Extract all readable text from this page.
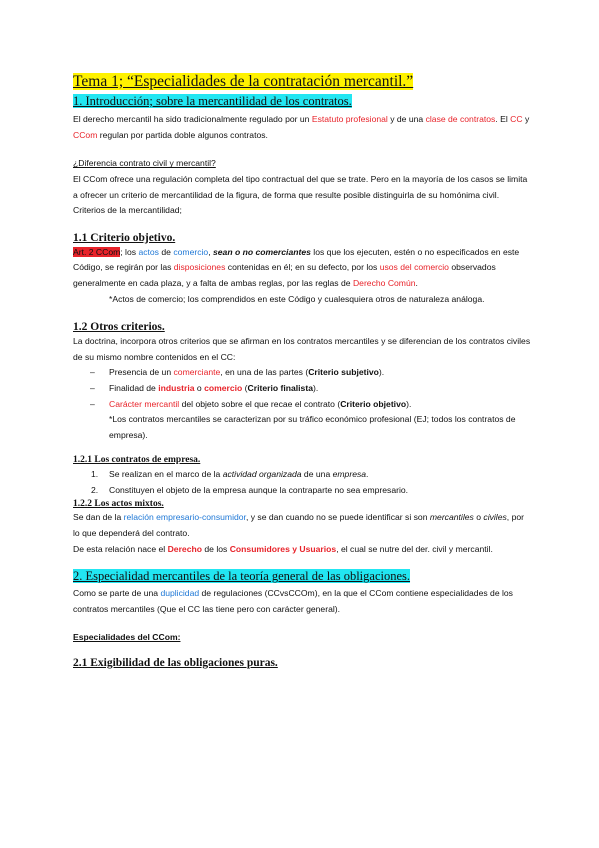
Tema 1; “Especialidades de la contratación mercantil.”
1. Introducción; sobre la mercantilidad de los contratos.

El derecho mercantil ha sido tradicionalmente regulado por un Estatuto profesional y de una clase de contratos. El CC y CCom regulan por partida doble algunos contratos.

¿Diferencia contrato civil y mercantil?

El CCom ofrece una regulación completa del tipo contractual del que se trate. Pero en la mayoría de los casos se limita a ofrecer un criterio de mercantilidad de la figura, de forma que resulte posible distinguirla de su homónima civil.

Criterios de la mercantilidad;

1.1 Criterio objetivo.

Art. 2 CCom; los actos de comercio, sean o no comerciantes los que los ejecuten, estén o no especificados en este Código, se regirán por las disposiciones contenidas en él; en su defecto, por los usos del comercio observados generalmente en cada plaza, y a falta de ambas reglas, por las reglas de Derecho Común.

*Actos de comercio; los comprendidos en este Código y cualesquiera otros de naturaleza análoga.

1.2 Otros criterios.

La doctrina, incorpora otros criterios que se afirman en los contratos mercantiles y se diferencian de los contratos civiles de su mismo nombre contenidos en el CC:

– Presencia de un comerciante, en una de las partes (Criterio subjetivo).
– Finalidad de industria o comercio (Criterio finalista).
– Carácter mercantil del objeto sobre el que recae el contrato (Criterio objetivo).

*Los contratos mercantiles se caracterizan por su tráfico económico profesional (EJ; todos los contratos de empresa).

1.2.1 Los contratos de empresa.
1. Se realizan en el marco de la actividad organizada de una empresa.
2. Constituyen el objeto de la empresa aunque la contraparte no sea empresario.
1.2.2 Los actos mixtos.

Se dan de la relación empresario-consumidor, y se dan cuando no se puede identificar si son mercantiles o civiles, por lo que dependerá del contrato.

De esta relación nace el Derecho de los Consumidores y Usuarios, el cual se nutre del der. civil y mercantil.

2. Especialidad mercantiles de la teoría general de las obligaciones.

Como se parte de una duplicidad de regulaciones (CCvsCCOm), en la que el CCom contiene especialidades de los contratos mercantiles (Que el CC las tiene pero con carácter general).

Especialidades del CCom:

2.1 Exigibilidad de las obligaciones puras.
